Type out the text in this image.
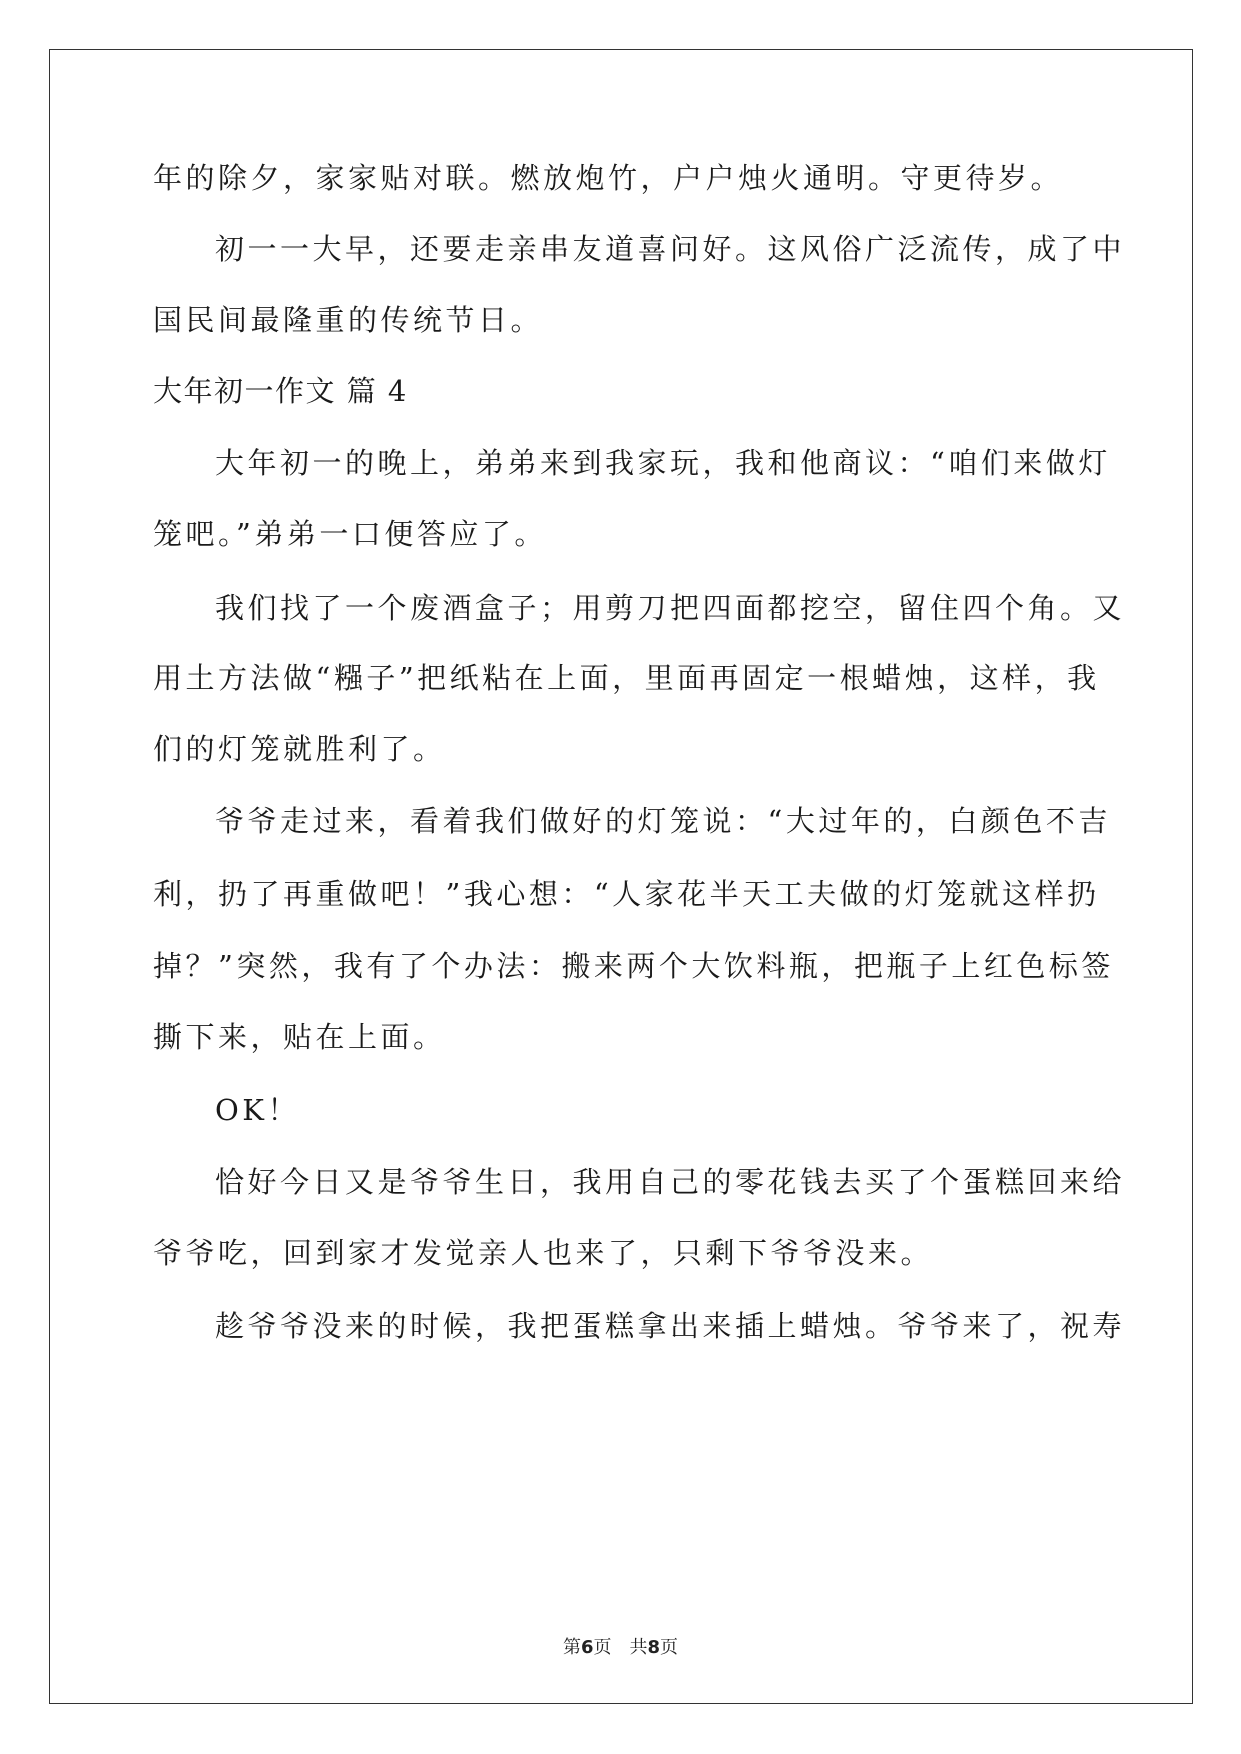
年的除夕，家家贴对联。燃放炮竹，户户烛火通明。守更待岁。
初一一大早，还要走亲串友道喜问好。这风俗广泛流传，成了中
国民间最隆重的传统节日。
大年初一作文 篇 4
大年初一的晚上，弟弟来到我家玩，我和他商议：“咱们来做灯
笼吧。”弟弟一口便答应了。
我们找了一个废酒盒子；用剪刀把四面都挖空，留住四个角。又
用土方法做“糨子”把纸粘在上面，里面再固定一根蜡烛，这样，我
们的灯笼就胜利了。
爷爷走过来，看着我们做好的灯笼说：“大过年的，白颜色不吉
利，扔了再重做吧！”我心想：“人家花半天工夫做的灯笼就这样扔
掉？”突然，我有了个办法：搬来两个大饮料瓶，把瓶子上红色标签
撕下来，贴在上面。
OK！
恰好今日又是爷爷生日，我用自己的零花钱去买了个蛋糕回来给
爷爷吃，回到家才发觉亲人也来了，只剩下爷爷没来。
趁爷爷没来的时候，我把蛋糕拿出来插上蜡烛。爷爷来了，祝寿
第6页 共8页
